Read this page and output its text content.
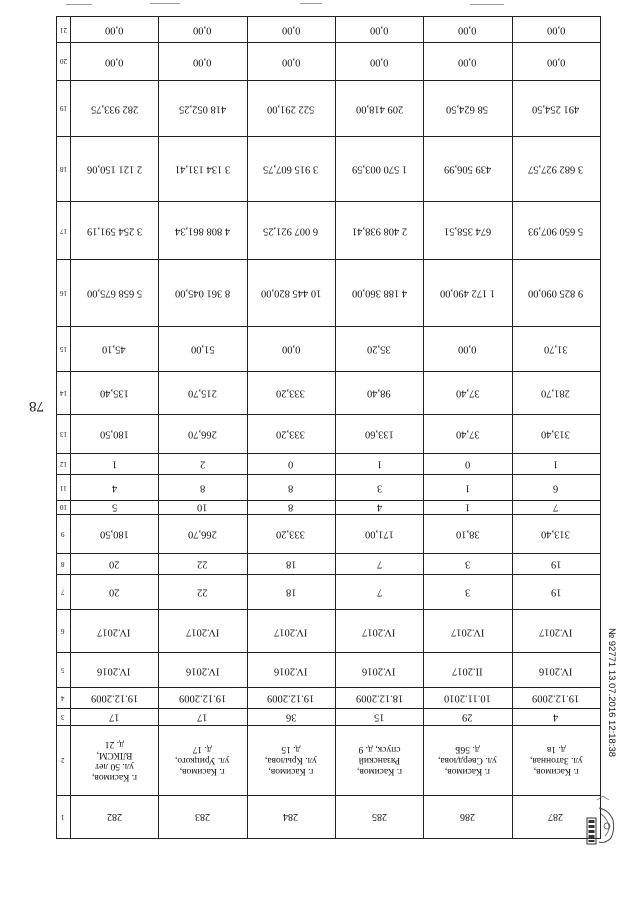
78
1
2
3
4
5
6
7
8
9
10
11
12
13
14
15
16
17
18
19
20
21
282
г. Касимов,
ул. 50 лет
ВЛКСМ,
д. 21
17
19.12.2009
IV.2016
IV.2017
20
20
180,50
5
4
1
180,50
135,40
45,10
5 658 675,00
3 254 591,19
2 121 150,06
282 933,75
0,00
0,00
283
г. Касимов,
ул. Урицкого,
д. 17
17
19.12.2009
IV.2016
IV.2017
22
22
266,70
10
8
2
266,70
215,70
51,00
8 361 045,00
4 808 861,34
3 134 131,41
418 052,25
0,00
0,00
284
г. Касимов,
ул. Крылова,
д. 15
36
19.12.2009
IV.2016
IV.2017
18
18
333,20
8
8
0
333,20
333,20
0,00
10 445 820,00
6 007 921,25
3 915 607,75
522 291,00
0,00
0,00
285
г. Касимов,
Рязанский
спуск, д. 9
15
18.12.2009
IV.2016
IV.2017
7
7
171,00
4
3
1
133,60
98,40
35,20
4 188 360,00
2 408 938,41
1 570 003,59
209 418,00
0,00
0,00
286
г. Касимов,
ул. Свердлова,
д. 56Б
29
10.11.2010
II.2017
IV.2017
3
3
38,10
1
1
0
37,40
37,40
0,00
1 172 490,00
674 358,51
439 506,99
58 624,50
0,00
0,00
287
г. Касимов,
ул. Затонная,
д. 1в
4
19.12.2009
IV.2016
IV.2017
19
19
313,40
7
6
1
313,40
281,70
31,70
9 825 090,00
5 650 907,93
3 682 927,57
491 254,50
0,00
0,00
№ 92771 13.07.2016 12:18:38
